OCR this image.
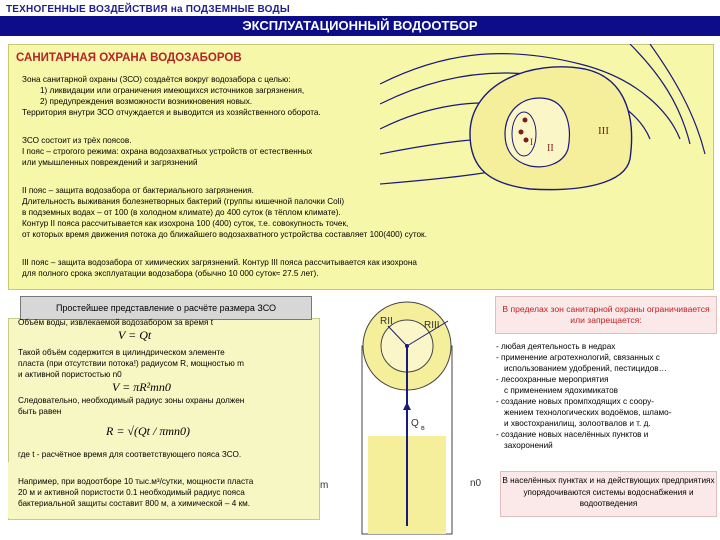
ТЕХНОГЕННЫЕ ВОЗДЕЙСТВИЯ на ПОДЗЕМНЫЕ ВОДЫ
ЭКСПЛУАТАЦИОННЫЙ ВОДООТБОР
САНИТАРНАЯ ОХРАНА ВОДОЗАБОРОВ
Зона санитарной охраны (ЗСО) создаётся вокруг водозабора с целью:
1) ликвидации или ограничения имеющихся источников загрязнения,
2) предупреждения возможности возникновения новых.
Территория внутри ЗСО отчуждается и выводится из хозяйственного оборота.
ЗСО состоит из трёх поясов.
I пояс – строгого режима: охрана водозахватных устройств от естественных
или умышленных повреждений и загрязнений
II пояс – защита водозабора от бактериального загрязнения.
Длительность выживания болезнетворных бактерий (группы кишечной палочки Coli)
в подземных водах – от 100 (в холодном климате) до 400 суток (в тёплом климате).
Контур II пояса рассчитывается как изохрона 100 (400) суток, т.е. совокупность точек,
от которых время движения потока до ближайшего водозахватного устройства составляет 100(400) суток.
III пояс – защита водозабора от химических загрязнений. Контур III пояса рассчитывается как изохрона
для полного срока эксплуатации водозабора (обычно 10 000 суток≈ 27.5 лет).
I
II
III
Простейшее представление о расчёте размера ЗСО
Объём воды, извлекаемой водозабором за время t
V = Qt
Такой объём содержится в цилиндрическом элементе
пласта (при отсутствии потока!) радиусом R, мощностью m
и активной пористостью n0
V = πR²mn0
Следовательно, необходимый радиус зоны охраны должен
быть равен
R = √(Qt / πmn0)
где t - расчётное время для соответствующего пояса ЗСО.
Например, при водоотборе 10 тыс.м³/сутки, мощности пласта
20 м и активной пористости 0.1 необходимый радиус пояса
бактериальной защиты составит 800 м, а химической – 4 км.
RII	RIII
Q в
m	n0
В пределах зон санитарной охраны ограничивается или запрещается:
- любая деятельность в недрах
- применение агротехнологий, связанных с
использованием удобрений, пестицидов…
- лесоохранные мероприятия
с применением ядохимикатов
- создание новых промпходящих с соору-
жением технологических водоёмов, шламо-
и хвостохранилищ, золоотвалов и т. д.
- создание новых населённых пунктов и
захоронений
В населённых пунктах и на действующих предприятиях упорядочиваются системы водоснабжения и водоотведения
